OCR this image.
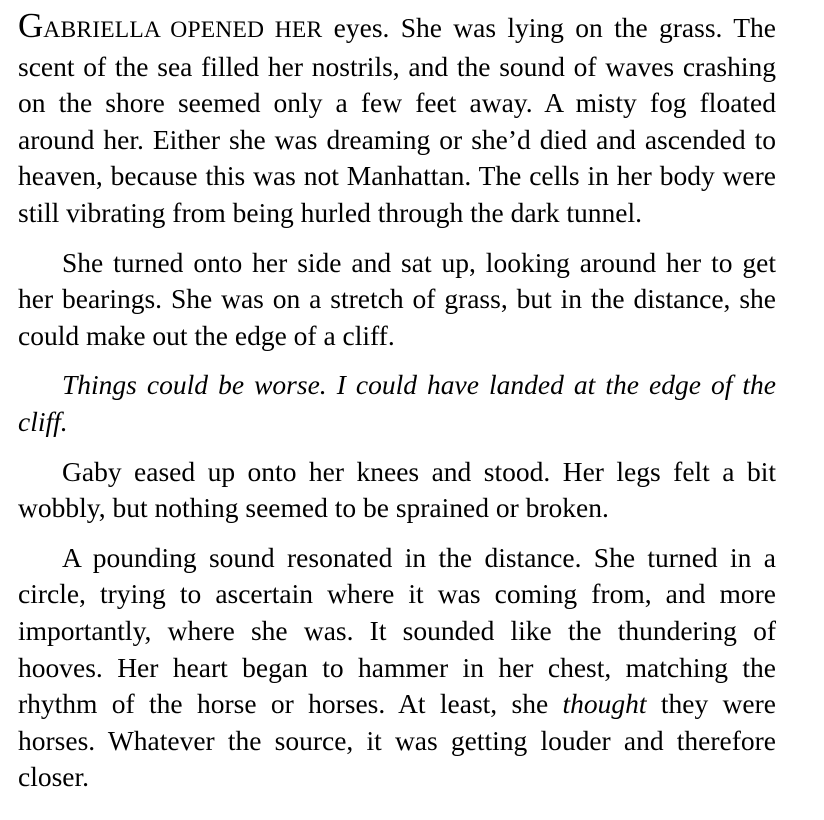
GABRIELLA OPENED HER eyes. She was lying on the grass. The scent of the sea filled her nostrils, and the sound of waves crashing on the shore seemed only a few feet away. A misty fog floated around her. Either she was dreaming or she’d died and ascended to heaven, because this was not Manhattan. The cells in her body were still vibrating from being hurled through the dark tunnel.

She turned onto her side and sat up, looking around her to get her bearings. She was on a stretch of grass, but in the distance, she could make out the edge of a cliff.

Things could be worse. I could have landed at the edge of the cliff.

Gaby eased up onto her knees and stood. Her legs felt a bit wobbly, but nothing seemed to be sprained or broken.

A pounding sound resonated in the distance. She turned in a circle, trying to ascertain where it was coming from, and more importantly, where she was. It sounded like the thundering of hooves. Her heart began to hammer in her chest, matching the rhythm of the horse or horses. At least, she thought they were horses. Whatever the source, it was getting louder and therefore closer.
